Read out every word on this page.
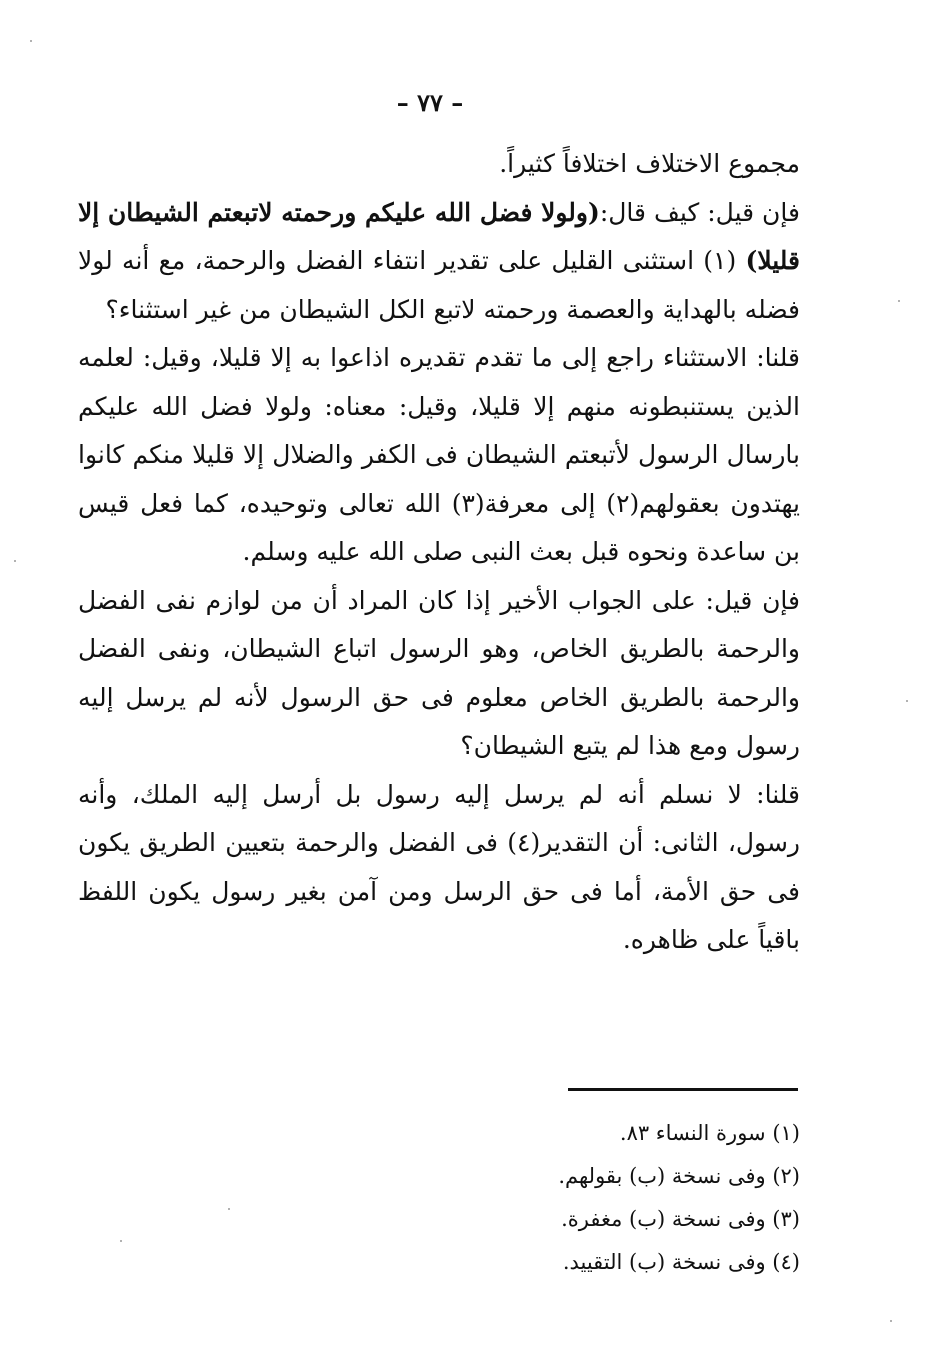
– ٧٧ –

مجموع الاختلاف اختلافاً كثيراً.

فإن قيل: كيف قال:(ولولا فضل الله عليكم ورحمته لاتبعتم الشيطان إلا قليلا) (١) استثنى القليل على تقدير انتفاء الفضل والرحمة، مع أنه لولا فضله بالهداية والعصمة ورحمته لاتبع الكل الشيطان من غير استثناء؟

قلنا: الاستثناء راجع إلى ما تقدم تقديره اذاعوا به إلا قليلا، وقيل: لعلمه الذين يستنبطونه منهم إلا قليلا، وقيل: معناه: ولولا فضل الله عليكم بارسال الرسول لأتبعتم الشيطان فى الكفر والضلال إلا قليلا منكم كانوا يهتدون بعقولهم(٢) إلى معرفة(٣) الله تعالى وتوحيده، كما فعل قيس بن ساعدة ونحوه قبل بعث النبى صلى الله عليه وسلم.

فإن قيل: على الجواب الأخير إذا كان المراد أن من لوازم نفى الفضل والرحمة بالطريق الخاص، وهو الرسول اتباع الشيطان، ونفى الفضل والرحمة بالطريق الخاص معلوم فى حق الرسول لأنه لم يرسل إليه رسول ومع هذا لم يتبع الشيطان؟

قلنا: لا نسلم أنه لم يرسل إليه رسول بل أرسل إليه الملك، وأنه رسول، الثانى: أن التقدير(٤) فى الفضل والرحمة بتعيين الطريق يكون فى حق الأمة، أما فى حق الرسل ومن آمن بغير رسول يكون اللفظ باقياً على ظاهره.

(١) سورة النساء ٨٣.

(٢) وفى نسخة (ب) بقولهم.

(٣) وفى نسخة (ب) مغفرة.

(٤) وفى نسخة (ب) التقييد.
